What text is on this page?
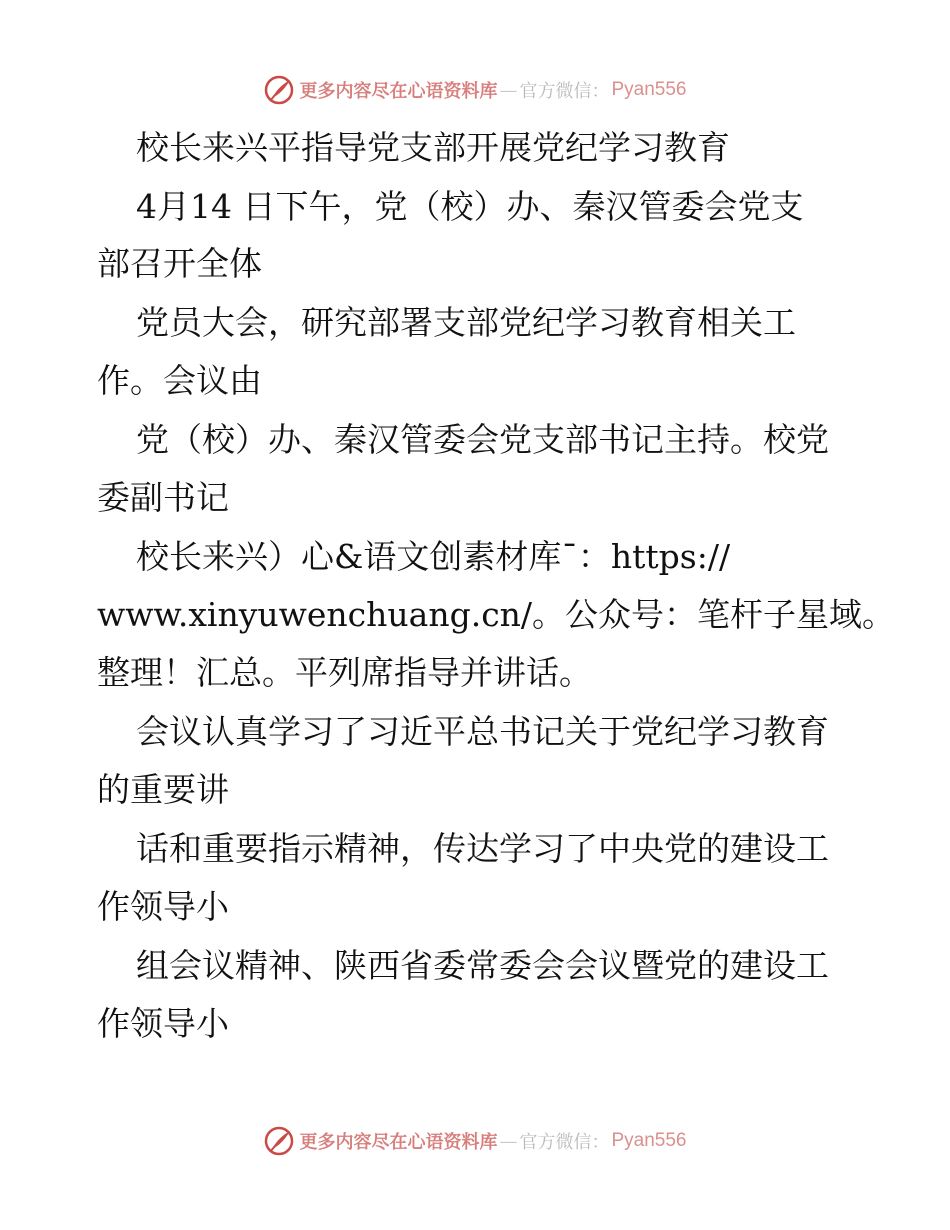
更多内容尽在心语资料库 — 官方微信： Pyan556
校长来兴平指导党支部开展党纪学习教育
4月14 日下午，党（校）办、秦汉管委会党支
部召开全体
党员大会，研究部署支部党纪学习教育相关工
作。会议由
党（校）办、秦汉管委会党支部书记主持。校党
委副书记
校长来兴）心&语文创素材库¯：https://
www.xinyuwenchuang.cn/。公众号：笔杆子星域。
整理！汇总。平列席指导并讲话。
会议认真学习了习近平总书记关于党纪学习教育
的重要讲
话和重要指示精神，传达学习了中央党的建设工
作领导小
组会议精神、陕西省委常委会会议暨党的建设工
作领导小
更多内容尽在心语资料库 — 官方微信： Pyan556
